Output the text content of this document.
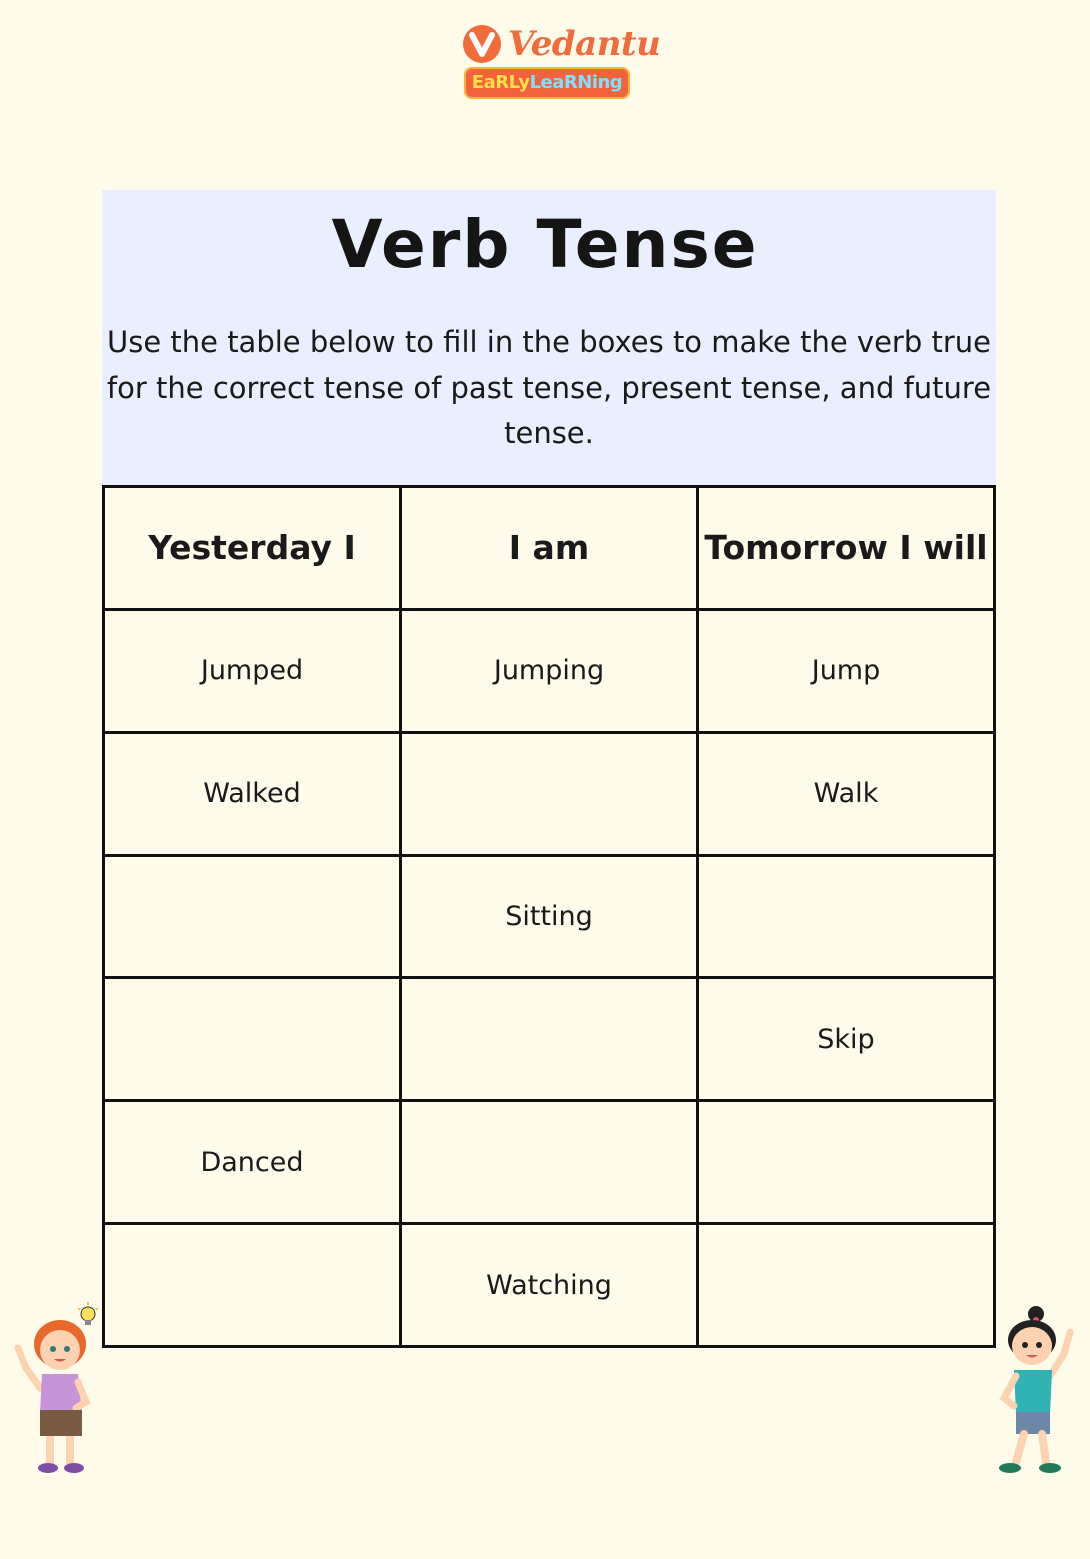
Vedantu
EaRLyLeaRNing
Verb Tense
Use the table below to fill in the boxes to make the verb true for the correct tense of past tense, present tense, and future tense.
Yesterday I	I am	Tomorrow I will
Jumped	Jumping	Jump
Walked		Walk
	Sitting	
		Skip
Danced		
	Watching	
